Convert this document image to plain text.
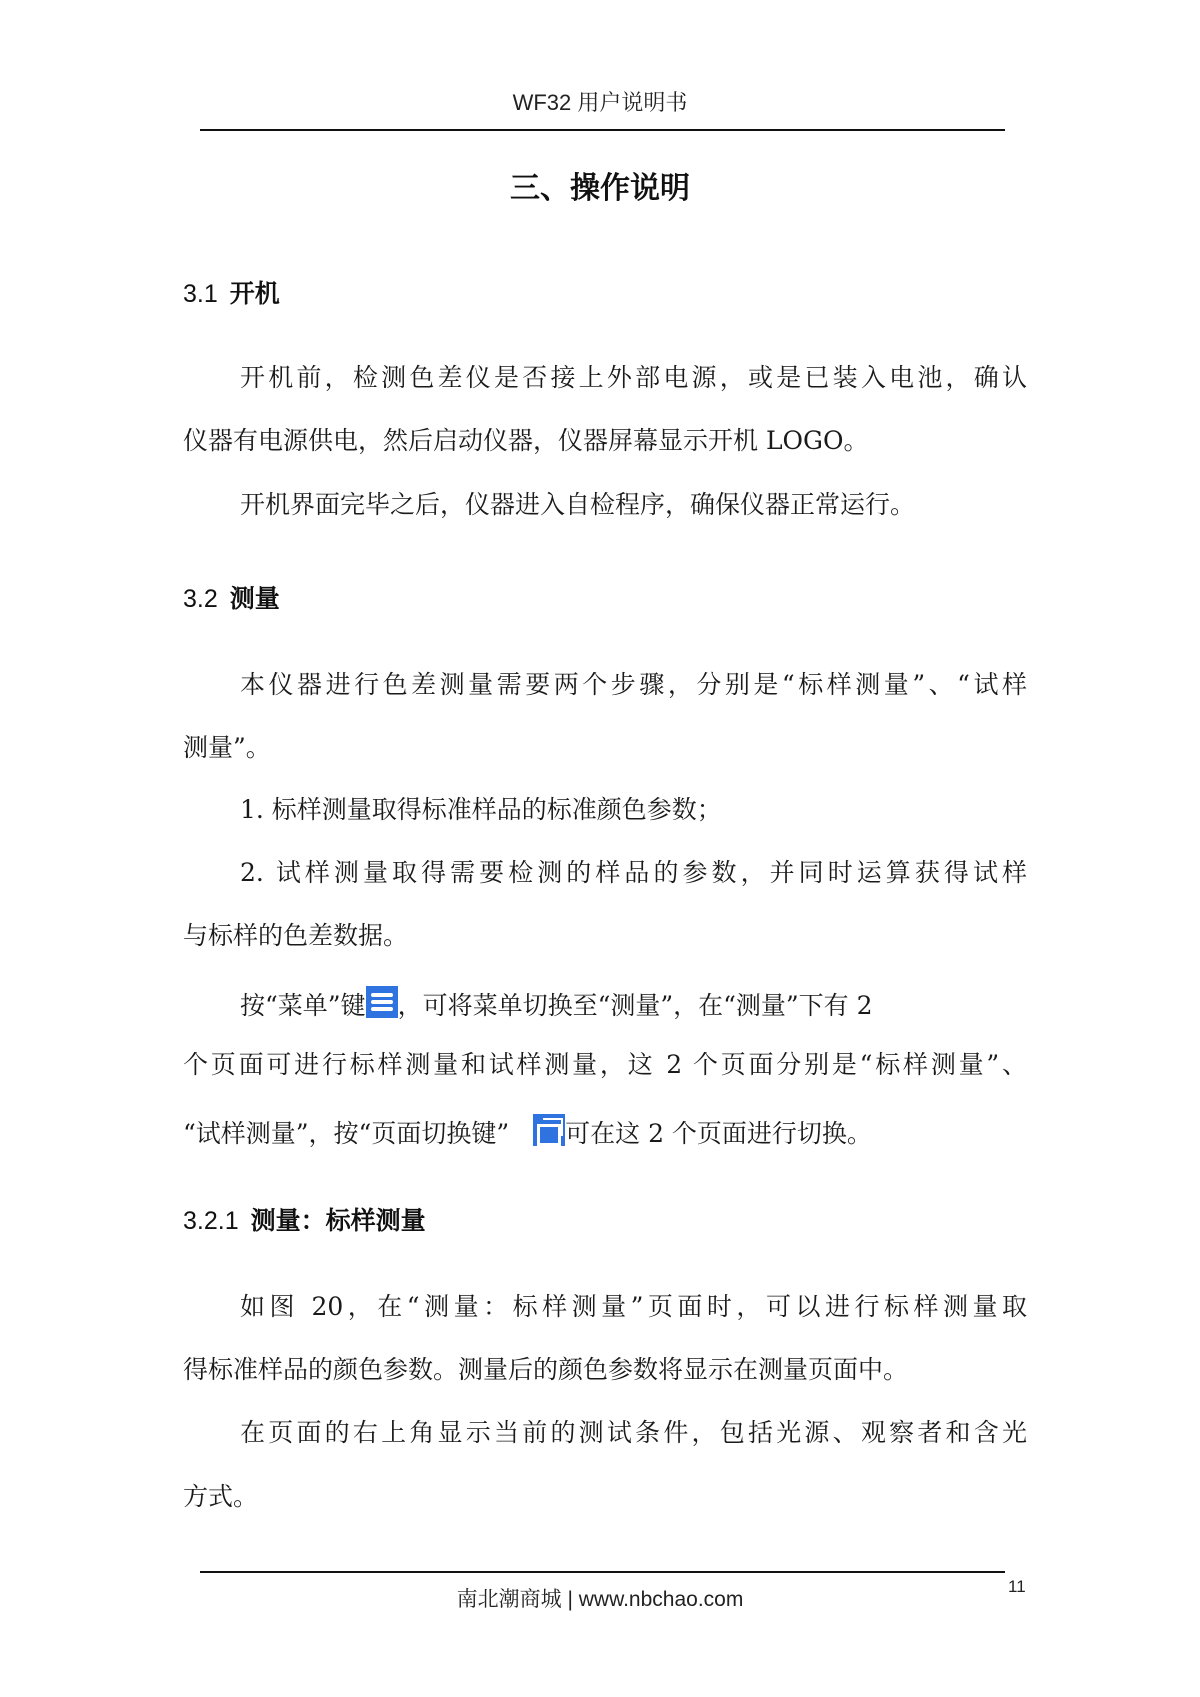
WF32 用户说明书
三、操作说明
3.1 开机
开机前，检测色差仪是否接上外部电源，或是已装入电池，确认
仪器有电源供电，然后启动仪器，仪器屏幕显示开机 LOGO。
开机界面完毕之后，仪器进入自检程序，确保仪器正常运行。
3.2 测量
本仪器进行色差测量需要两个步骤，分别是“标样测量”、“试样
测量”。
1. 标样测量取得标准样品的标准颜色参数；
2. 试样测量取得需要检测的样品的参数，并同时运算获得试样
与标样的色差数据。
按“菜单”键 ，可将菜单切换至“测量”，在“测量”下有 2
个页面可进行标样测量和试样测量，这 2 个页面分别是“标样测量”、
“试样测量”，按“页面切换键” 可在这 2 个页面进行切换。
3.2.1 测量：标样测量
如图 20，在“测量：标样测量”页面时，可以进行标样测量取
得标准样品的颜色参数。测量后的颜色参数将显示在测量页面中。
在页面的右上角显示当前的测试条件，包括光源、观察者和含光
方式。
南北潮商城 | www.nbchao.com
11
